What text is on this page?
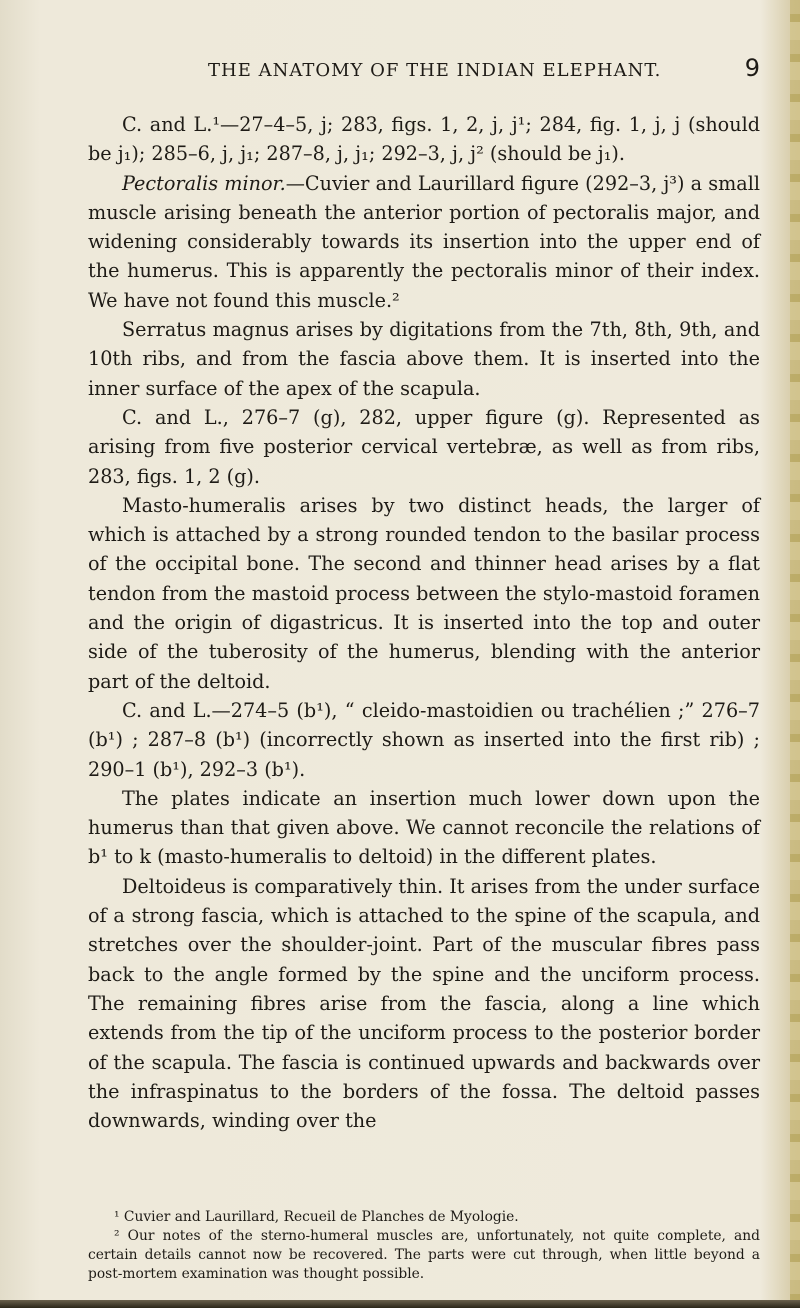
THE ANATOMY OF THE INDIAN ELEPHANT.	9

C. and L.¹—27–4–5, j; 283, figs. 1, 2, j, j¹; 284, fig. 1, j, j (should be j₁); 285–6, j, j₁; 287–8, j, j₁; 292–3, j, j² (should be j₁).

Pectoralis minor.—Cuvier and Laurillard figure (292–3, j³) a small muscle arising beneath the anterior portion of pectoralis major, and widening considerably towards its insertion into the upper end of the humerus. This is apparently the pectoralis minor of their index. We have not found this muscle.²

Serratus magnus arises by digitations from the 7th, 8th, 9th, and 10th ribs, and from the fascia above them. It is inserted into the inner surface of the apex of the scapula.

C. and L., 276–7 (g), 282, upper figure (g). Represented as arising from five posterior cervical vertebræ, as well as from ribs, 283, figs. 1, 2 (g).

Masto-humeralis arises by two distinct heads, the larger of which is attached by a strong rounded tendon to the basilar process of the occipital bone. The second and thinner head arises by a flat tendon from the mastoid process between the stylo-mastoid foramen and the origin of digastricus. It is inserted into the top and outer side of the tuberosity of the humerus, blending with the anterior part of the deltoid.

C. and L.—274–5 (b¹), “ cleido-mastoidien ou trachélien ;” 276–7 (b¹) ; 287–8 (b¹) (incorrectly shown as inserted into the first rib) ; 290–1 (b¹), 292–3 (b¹).

The plates indicate an insertion much lower down upon the humerus than that given above. We cannot reconcile the relations of b¹ to k (masto-humeralis to deltoid) in the different plates.

Deltoideus is comparatively thin. It arises from the under surface of a strong fascia, which is attached to the spine of the scapula, and stretches over the shoulder-joint. Part of the muscular fibres pass back to the angle formed by the spine and the unciform process. The remaining fibres arise from the fascia, along a line which extends from the tip of the unciform process to the posterior border of the scapula. The fascia is continued upwards and backwards over the infraspinatus to the borders of the fossa. The deltoid passes downwards, winding over the

¹ Cuvier and Laurillard, Recueil de Planches de Myologie.

² Our notes of the sterno-humeral muscles are, unfortunately, not quite complete, and certain details cannot now be recovered. The parts were cut through, when little beyond a post-mortem examination was thought possible.
